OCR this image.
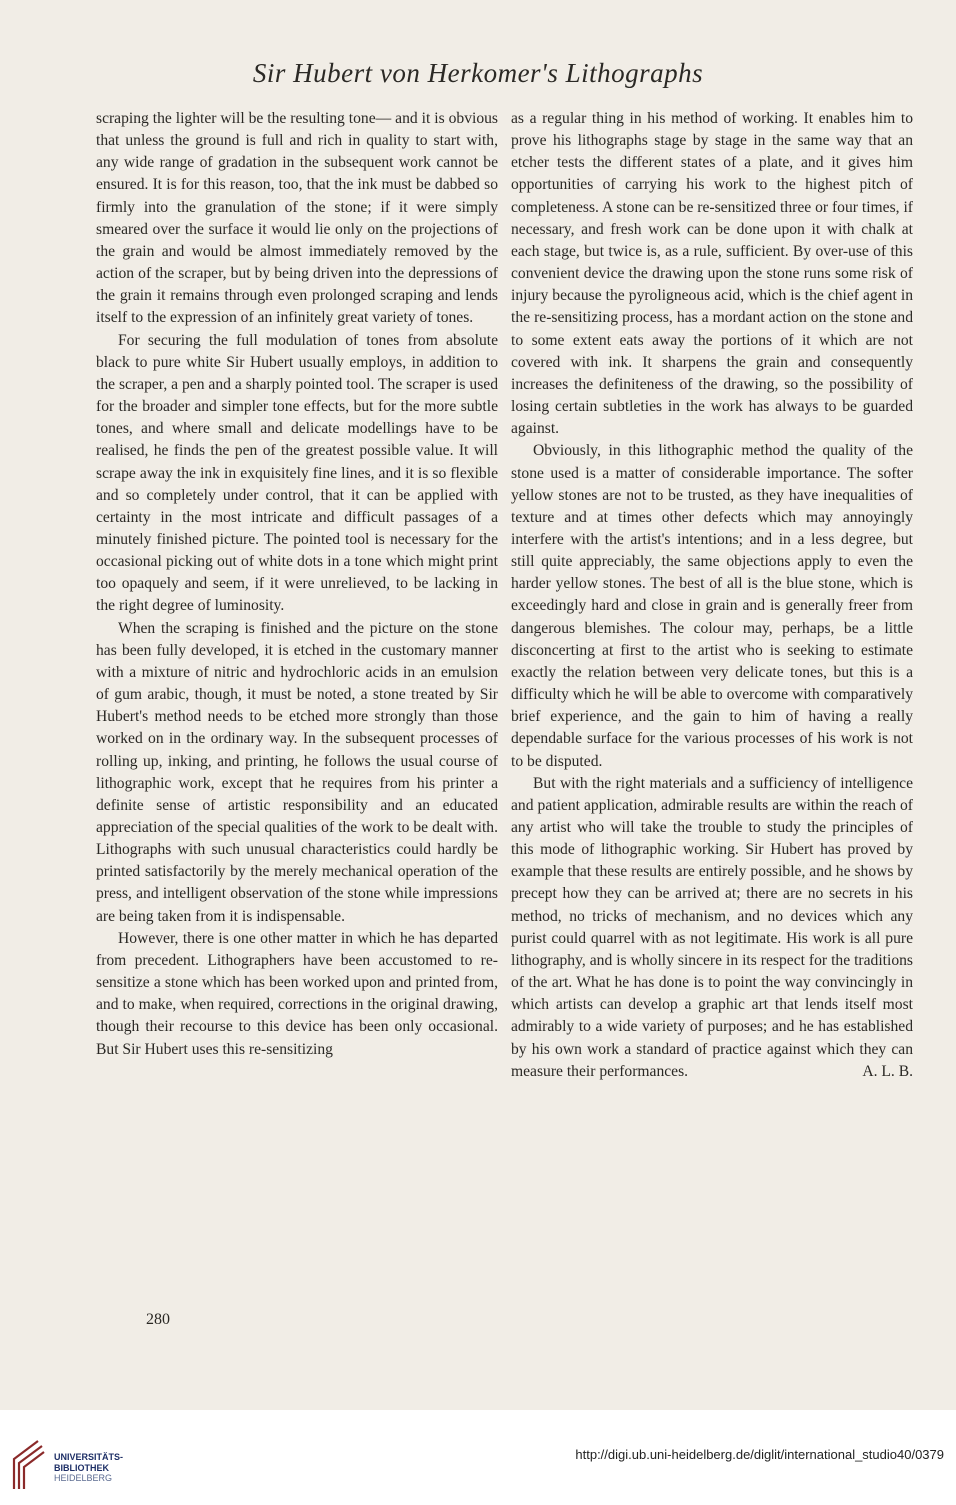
Sir Hubert von Herkomer's Lithographs

scraping the lighter will be the resulting tone— and it is obvious that unless the ground is full and rich in quality to start with, any wide range of gradation in the subsequent work cannot be ensured. It is for this reason, too, that the ink must be dabbed so firmly into the granulation of the stone; if it were simply smeared over the surface it would lie only on the projections of the grain and would be almost immediately removed by the action of the scraper, but by being driven into the depressions of the grain it remains through even prolonged scraping and lends itself to the expression of an infinitely great variety of tones.

For securing the full modulation of tones from absolute black to pure white Sir Hubert usually employs, in addition to the scraper, a pen and a sharply pointed tool. The scraper is used for the broader and simpler tone effects, but for the more subtle tones, and where small and delicate modellings have to be realised, he finds the pen of the greatest possible value. It will scrape away the ink in exquisitely fine lines, and it is so flexible and so completely under control, that it can be applied with certainty in the most intricate and difficult passages of a minutely finished picture. The pointed tool is necessary for the occasional picking out of white dots in a tone which might print too opaquely and seem, if it were unrelieved, to be lacking in the right degree of luminosity.

When the scraping is finished and the picture on the stone has been fully developed, it is etched in the customary manner with a mixture of nitric and hydrochloric acids in an emulsion of gum arabic, though, it must be noted, a stone treated by Sir Hubert's method needs to be etched more strongly than those worked on in the ordinary way. In the subsequent processes of rolling up, inking, and printing, he follows the usual course of lithographic work, except that he requires from his printer a definite sense of artistic responsibility and an educated appreciation of the special qualities of the work to be dealt with. Lithographs with such unusual characteristics could hardly be printed satisfactorily by the merely mechanical operation of the press, and intelligent observation of the stone while impressions are being taken from it is indispensable.

However, there is one other matter in which he has departed from precedent. Lithographers have been accustomed to re-sensitize a stone which has been worked upon and printed from, and to make, when required, corrections in the original drawing, though their recourse to this device has been only occasional. But Sir Hubert uses this re-sensitizing

as a regular thing in his method of working. It enables him to prove his lithographs stage by stage in the same way that an etcher tests the different states of a plate, and it gives him opportunities of carrying his work to the highest pitch of completeness. A stone can be re-sensitized three or four times, if necessary, and fresh work can be done upon it with chalk at each stage, but twice is, as a rule, sufficient. By over-use of this convenient device the drawing upon the stone runs some risk of injury because the pyroligneous acid, which is the chief agent in the re-sensitizing process, has a mordant action on the stone and to some extent eats away the portions of it which are not covered with ink. It sharpens the grain and consequently increases the definiteness of the drawing, so the possibility of losing certain subtleties in the work has always to be guarded against.

Obviously, in this lithographic method the quality of the stone used is a matter of considerable importance. The softer yellow stones are not to be trusted, as they have inequalities of texture and at times other defects which may annoyingly interfere with the artist's intentions; and in a less degree, but still quite appreciably, the same objections apply to even the harder yellow stones. The best of all is the blue stone, which is exceedingly hard and close in grain and is generally freer from dangerous blemishes. The colour may, perhaps, be a little disconcerting at first to the artist who is seeking to estimate exactly the relation between very delicate tones, but this is a difficulty which he will be able to overcome with comparatively brief experience, and the gain to him of having a really dependable surface for the various processes of his work is not to be disputed.

But with the right materials and a sufficiency of intelligence and patient application, admirable results are within the reach of any artist who will take the trouble to study the principles of this mode of lithographic working. Sir Hubert has proved by example that these results are entirely possible, and he shows by precept how they can be arrived at; there are no secrets in his method, no tricks of mechanism, and no devices which any purist could quarrel with as not legitimate. His work is all pure lithography, and is wholly sincere in its respect for the traditions of the art. What he has done is to point the way convincingly in which artists can develop a graphic art that lends itself most admirably to a wide variety of purposes; and he has established by his own work a standard of practice against which they can measure their performances.	A. L. B.

280
UNIVERSITÄTS-
BIBLIOTHEK
HEIDELBERG
http://digi.ub.uni-heidelberg.de/diglit/international_studio40/0379
